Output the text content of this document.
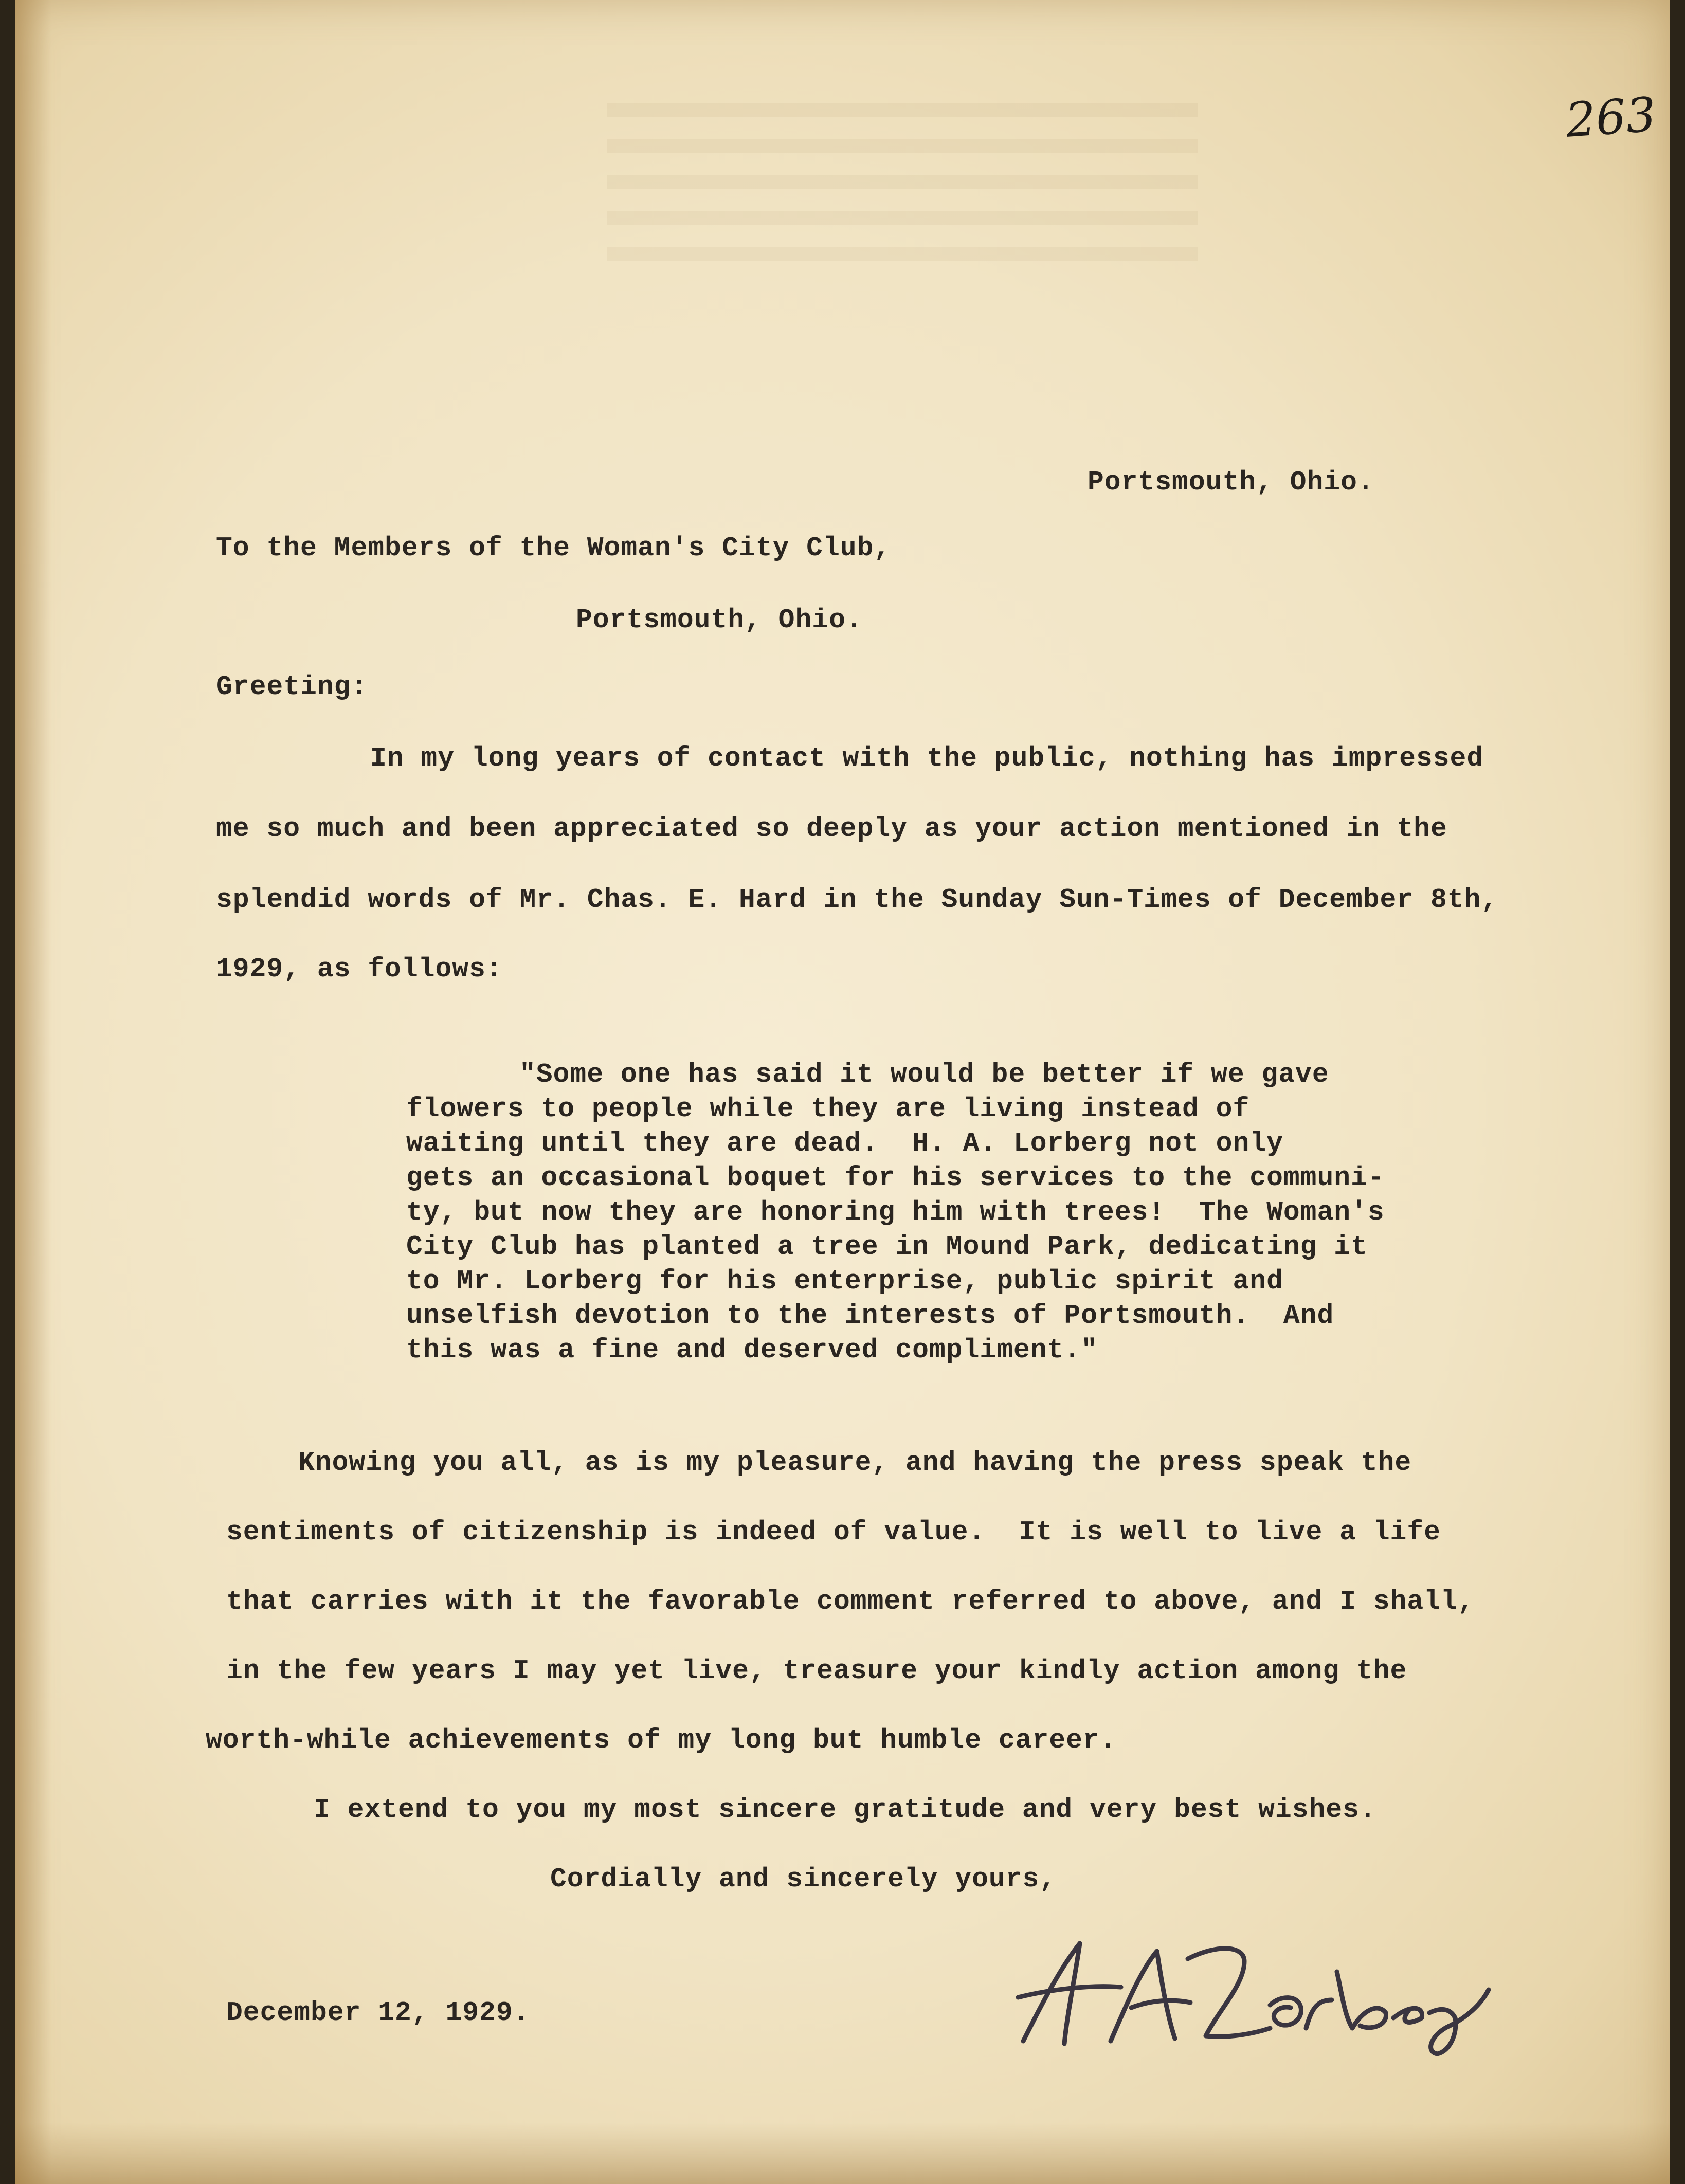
263

Portsmouth, Ohio.

To the Members of the Woman's City Club,

Portsmouth, Ohio.

Greeting:

In my long years of contact with the public, nothing has impressed

me so much and been appreciated so deeply as your action mentioned in the

splendid words of Mr. Chas. E. Hard in the Sunday Sun-Times of December 8th,

1929, as follows:

"Some one has said it would be better if we gave

flowers to people while they are living instead of

waiting until they are dead.  H. A. Lorberg not only

gets an occasional boquet for his services to the communi-

ty, but now they are honoring him with trees!  The Woman's

City Club has planted a tree in Mound Park, dedicating it

to Mr. Lorberg for his enterprise, public spirit and

unselfish devotion to the interests of Portsmouth.  And

this was a fine and deserved compliment."

Knowing you all, as is my pleasure, and having the press speak the

sentiments of citizenship is indeed of value.  It is well to live a life

that carries with it the favorable comment referred to above, and I shall,

in the few years I may yet live, treasure your kindly action among the

worth-while achievements of my long but humble career.

I extend to you my most sincere gratitude and very best wishes.

Cordially and sincerely yours,

December 12, 1929.
